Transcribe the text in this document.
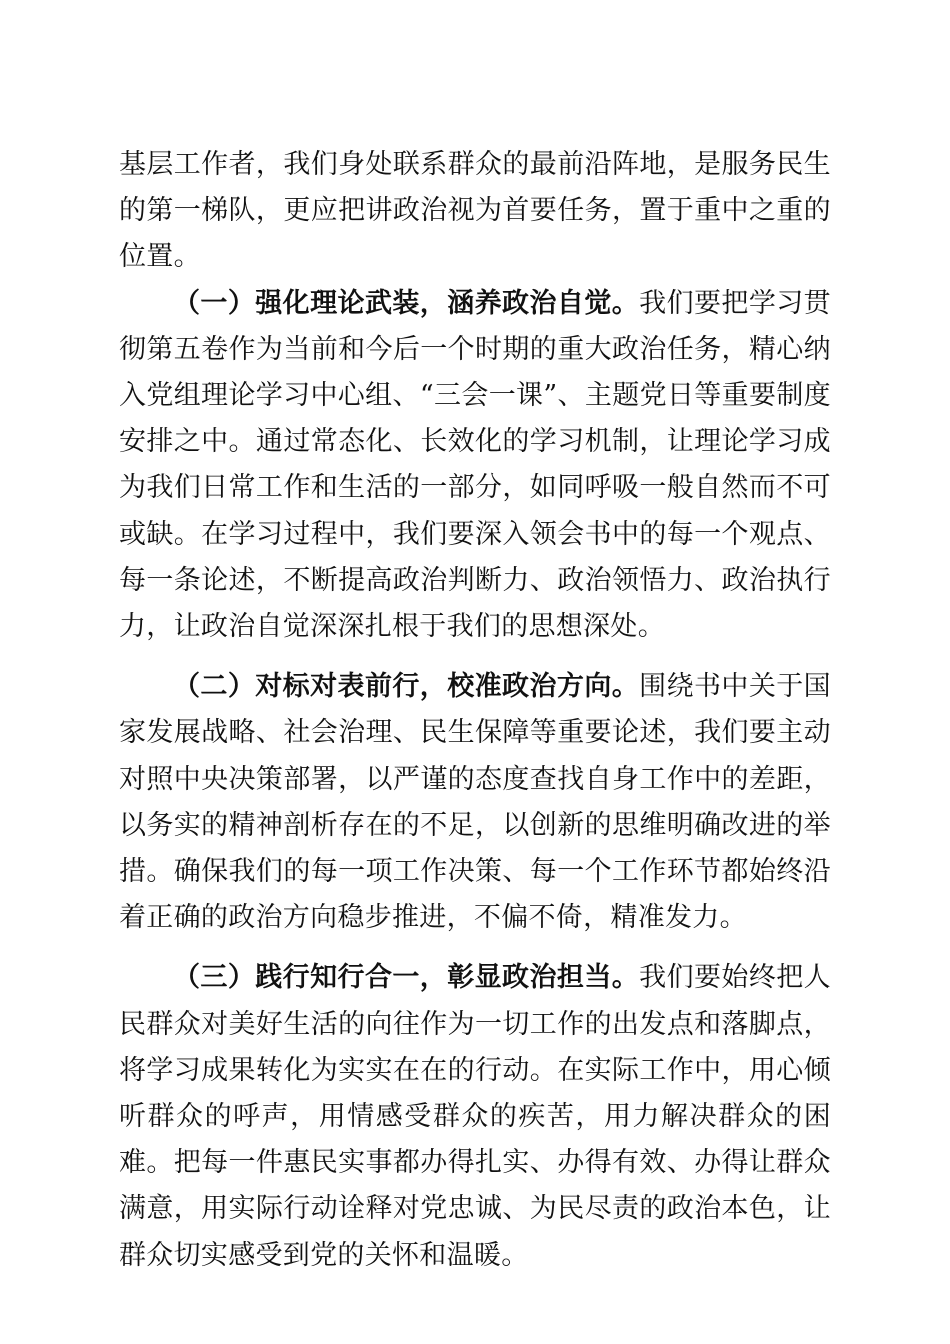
基层工作者，我们身处联系群众的最前沿阵地，是服务民生的第一梯队，更应把讲政治视为首要任务，置于重中之重的位置。

（一）强化理论武装，涵养政治自觉。我们要把学习贯彻第五卷作为当前和今后一个时期的重大政治任务，精心纳入党组理论学习中心组、“三会一课”、主题党日等重要制度安排之中。通过常态化、长效化的学习机制，让理论学习成为我们日常工作和生活的一部分，如同呼吸一般自然而不可或缺。在学习过程中，我们要深入领会书中的每一个观点、每一条论述，不断提高政治判断力、政治领悟力、政治执行力，让政治自觉深深扎根于我们的思想深处。

（二）对标对表前行，校准政治方向。围绕书中关于国家发展战略、社会治理、民生保障等重要论述，我们要主动对照中央决策部署，以严谨的态度查找自身工作中的差距，以务实的精神剖析存在的不足，以创新的思维明确改进的举措。确保我们的每一项工作决策、每一个工作环节都始终沿着正确的政治方向稳步推进，不偏不倚，精准发力。

（三）践行知行合一，彰显政治担当。我们要始终把人民群众对美好生活的向往作为一切工作的出发点和落脚点，将学习成果转化为实实在在的行动。在实际工作中，用心倾听群众的呼声，用情感受群众的疾苦，用力解决群众的困难。把每一件惠民实事都办得扎实、办得有效、办得让群众满意，用实际行动诠释对党忠诚、为民尽责的政治本色，让群众切实感受到党的关怀和温暖。
